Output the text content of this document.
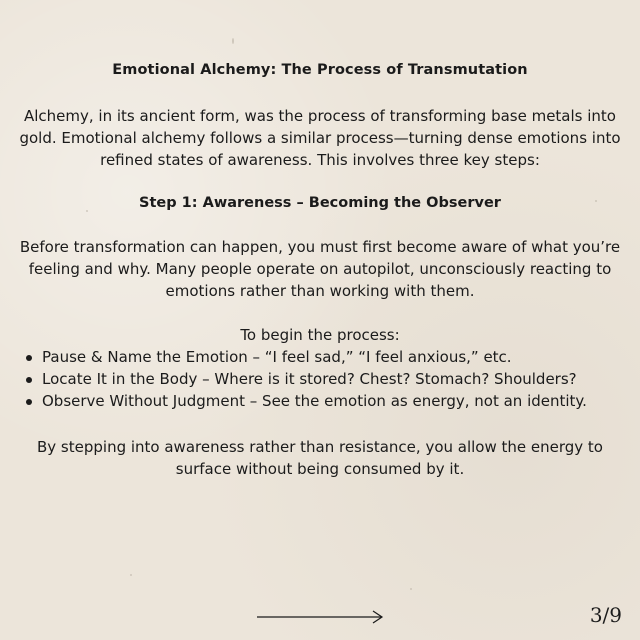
Emotional Alchemy: The Process of Transmutation

Alchemy, in its ancient form, was the process of transforming base metals into gold. Emotional alchemy follows a similar process—turning dense emotions into refined states of awareness. This involves three key steps:

Step 1: Awareness – Becoming the Observer

Before transformation can happen, you must first become aware of what you’re feeling and why. Many people operate on autopilot, unconsciously reacting to emotions rather than working with them.

To begin the process:

Pause & Name the Emotion – “I feel sad,” “I feel anxious,” etc.
Locate It in the Body – Where is it stored? Chest? Stomach? Shoulders?
Observe Without Judgment – See the emotion as energy, not an identity.

By stepping into awareness rather than resistance, you allow the energy to surface without being consumed by it.

3/9
